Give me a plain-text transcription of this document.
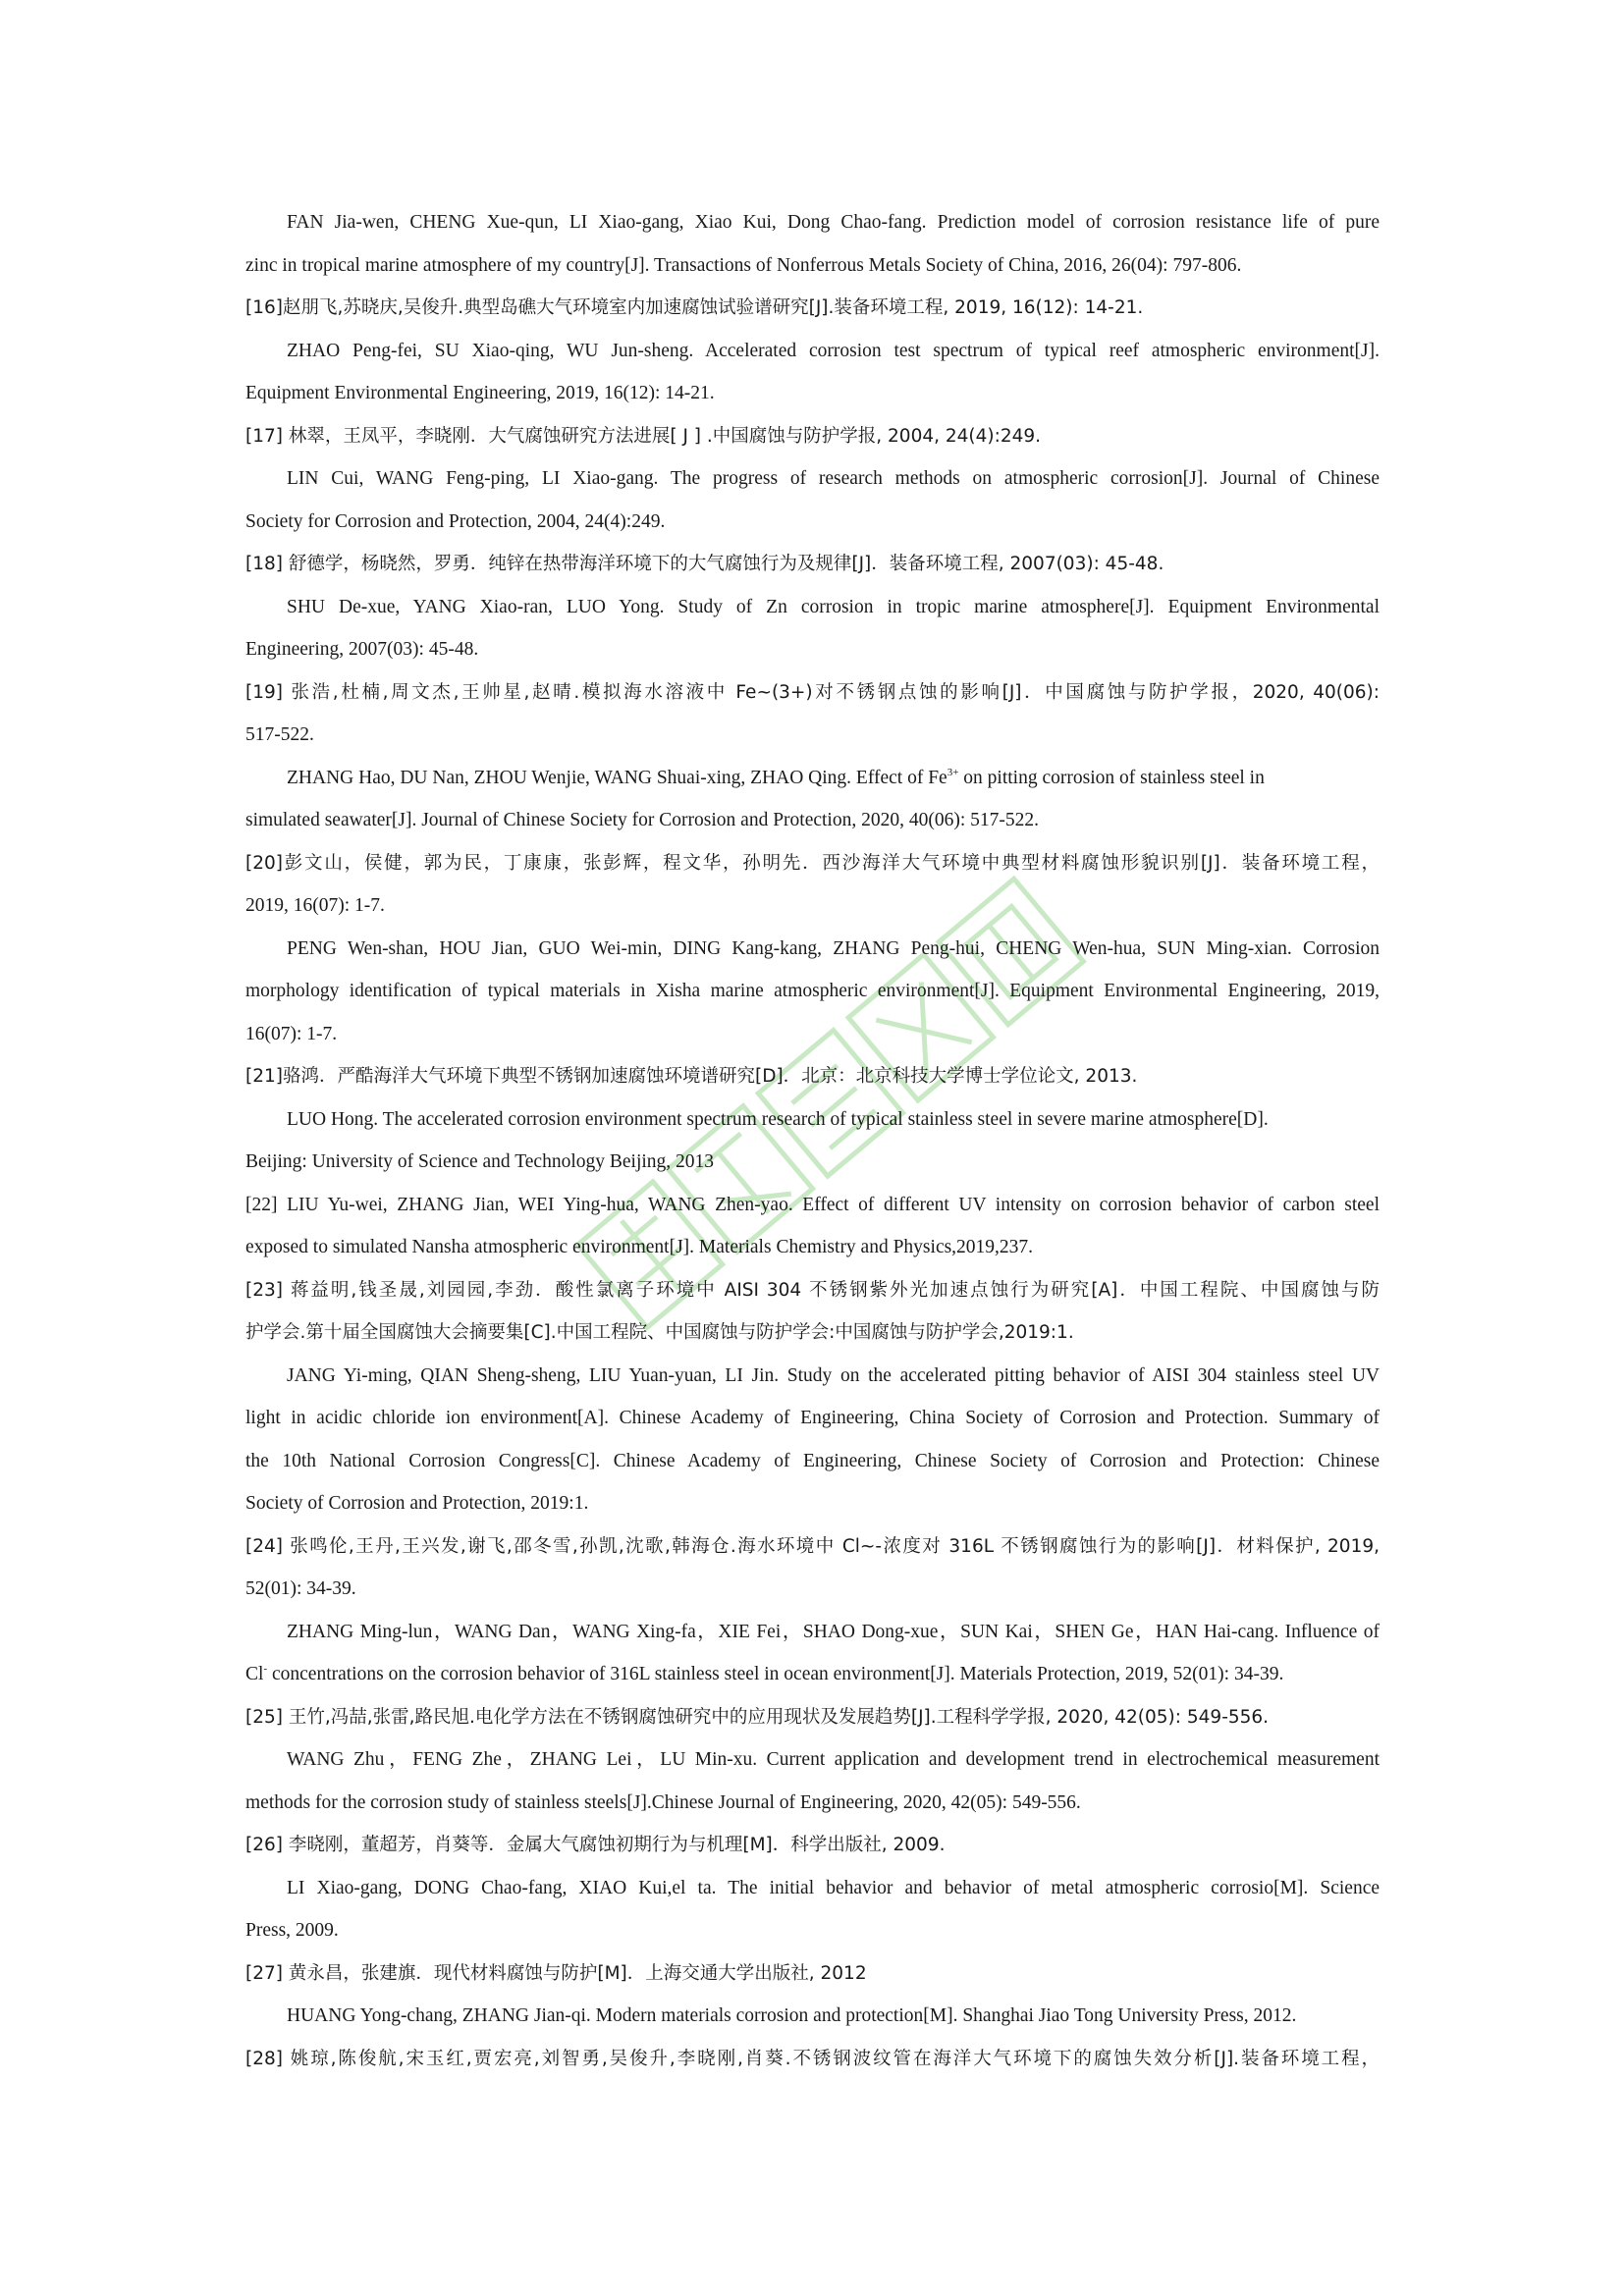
FAN Jia-wen, CHENG Xue-qun, LI Xiao-gang, Xiao Kui, Dong Chao-fang. Prediction model of corrosion resistance life of pure
zinc in tropical marine atmosphere of my country[J]. Transactions of Nonferrous Metals Society of China, 2016, 26(04): 797-806.
[16]赵朋飞,苏晓庆,吴俊升.典型岛礁大气环境室内加速腐蚀试验谱研究[J].装备环境工程, 2019, 16(12): 14-21.
ZHAO Peng-fei, SU Xiao-qing, WU Jun-sheng. Accelerated corrosion test spectrum of typical reef atmospheric environment[J].
Equipment Environmental Engineering, 2019, 16(12): 14-21.
[17] 林翠，王凤平，李晓刚．大气腐蚀研究方法进展[ J ] .中国腐蚀与防护学报, 2004, 24(4):249.
LIN Cui, WANG Feng-ping, LI Xiao-gang. The progress of research methods on atmospheric corrosion[J]. Journal of Chinese
Society for Corrosion and Protection, 2004, 24(4):249.
[18] 舒德学，杨晓然，罗勇．纯锌在热带海洋环境下的大气腐蚀行为及规律[J]．装备环境工程, 2007(03): 45-48.
SHU De-xue, YANG Xiao-ran, LUO Yong. Study of Zn corrosion in tropic marine atmosphere[J]. Equipment Environmental
Engineering, 2007(03): 45-48.
[19] 张浩,杜楠,周文杰,王帅星,赵晴.模拟海水溶液中 Fe~(3+)对不锈钢点蚀的影响[J]．中国腐蚀与防护学报，2020, 40(06):
517-522.
ZHANG Hao, DU Nan, ZHOU Wenjie, WANG Shuai-xing, ZHAO Qing. Effect of $Fe^{3+}$ on pitting corrosion of stainless steel in
simulated seawater[J]. Journal of Chinese Society for Corrosion and Protection, 2020, 40(06): 517-522.
[20]彭文山，侯健，郭为民，丁康康，张彭辉，程文华，孙明先．西沙海洋大气环境中典型材料腐蚀形貌识别[J]．装备环境工程，
2019, 16(07): 1-7.
PENG Wen-shan, HOU Jian, GUO Wei-min, DING Kang-kang, ZHANG Peng-hui, CHENG Wen-hua, SUN Ming-xian. Corrosion
morphology identification of typical materials in Xisha marine atmospheric environment[J]. Equipment Environmental Engineering, 2019,
16(07): 1-7.
[21]骆鸿．严酷海洋大气环境下典型不锈钢加速腐蚀环境谱研究[D]．北京：北京科技大学博士学位论文, 2013.
LUO Hong. The accelerated corrosion environment spectrum research of typical stainless steel in severe marine atmosphere[D].
Beijing: University of Science and Technology Beijing, 2013
[22] LIU Yu-wei, ZHANG Jian, WEI Ying-hua, WANG Zhen-yao. Effect of different UV intensity on corrosion behavior of carbon steel
exposed to simulated Nansha atmospheric environment[J]. Materials Chemistry and Physics,2019,237.
[23] 蒋益明,钱圣晟,刘园园,李劲．酸性氯离子环境中 AISI 304 不锈钢紫外光加速点蚀行为研究[A]．中国工程院、中国腐蚀与防
护学会.第十届全国腐蚀大会摘要集[C].中国工程院、中国腐蚀与防护学会:中国腐蚀与防护学会,2019:1.
JANG Yi-ming, QIAN Sheng-sheng, LIU Yuan-yuan, LI Jin. Study on the accelerated pitting behavior of AISI 304 stainless steel UV
light in acidic chloride ion environment[A]. Chinese Academy of Engineering, China Society of Corrosion and Protection. Summary of
the 10th National Corrosion Congress[C]. Chinese Academy of Engineering, Chinese Society of Corrosion and Protection: Chinese
Society of Corrosion and Protection, 2019:1.
[24] 张鸣伦,王丹,王兴发,谢飞,邵冬雪,孙凯,沈歌,韩海仓.海水环境中 Cl~-浓度对 316L 不锈钢腐蚀行为的影响[J]．材料保护, 2019,
52(01): 34-39.
ZHANG Ming-lun，WANG Dan，WANG Xing-fa，XIE Fei，SHAO Dong-xue，SUN Kai，SHEN Ge，HAN Hai-cang. Influence of
Cl- concentrations on the corrosion behavior of 316L stainless steel in ocean environment[J]. Materials Protection, 2019, 52(01): 34-39.
[25] 王竹,冯喆,张雷,路民旭.电化学方法在不锈钢腐蚀研究中的应用现状及发展趋势[J].工程科学学报, 2020, 42(05): 549-556.
WANG Zhu，FENG Zhe，ZHANG Lei，LU Min-xu. Current application and development trend in electrochemical measurement
methods for the corrosion study of stainless steels[J].Chinese Journal of Engineering, 2020, 42(05): 549-556.
[26] 李晓刚，董超芳，肖葵等．金属大气腐蚀初期行为与机理[M]．科学出版社, 2009.
LI Xiao-gang, DONG Chao-fang, XIAO Kui,el ta. The initial behavior and behavior of metal atmospheric corrosio[M]. Science
Press, 2009.
[27] 黄永昌，张建旗．现代材料腐蚀与防护[M]．上海交通大学出版社, 2012
HUANG Yong-chang, ZHANG Jian-qi. Modern materials corrosion and protection[M]. Shanghai Jiao Tong University Press, 2012.
[28] 姚琼,陈俊航,宋玉红,贾宏亮,刘智勇,吴俊升,李晓刚,肖葵.不锈钢波纹管在海洋大气环境下的腐蚀失效分析[J].装备环境工程，
